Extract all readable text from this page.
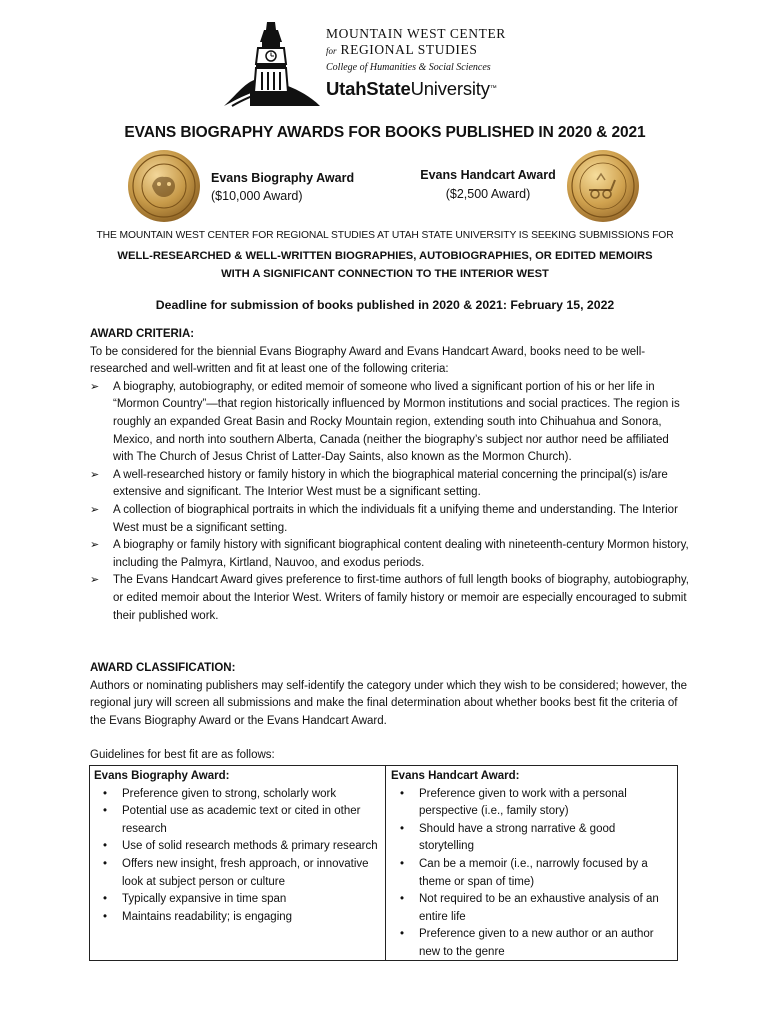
MOUNTAIN WEST CENTER
for REGIONAL STUDIES
College of Humanities & Social Sciences
UtahStateUniversity™
EVANS BIOGRAPHY AWARDS FOR BOOKS PUBLISHED IN 2020 & 2021
Evans Biography Award
($10,000 Award)
Evans Handcart Award
($2,500 Award)
THE MOUNTAIN WEST CENTER FOR REGIONAL STUDIES AT UTAH STATE UNIVERSITY IS SEEKING SUBMISSIONS FOR
WELL-RESEARCHED & WELL-WRITTEN BIOGRAPHIES, AUTOBIOGRAPHIES, OR EDITED MEMOIRS
WITH A SIGNIFICANT CONNECTION TO THE INTERIOR WEST
Deadline for submission of books published in 2020 & 2021: February 15, 2022
AWARD CRITERIA:
To be considered for the biennial Evans Biography Award and Evans Handcart Award, books need to be well-researched and well-written and fit at least one of the following criteria:
➢ A biography, autobiography, or edited memoir of someone who lived a significant portion of his or her life in “Mormon Country”—that region historically influenced by Mormon institutions and social practices. The region is roughly an expanded Great Basin and Rocky Mountain region, extending south into Chihuahua and Sonora, Mexico, and north into southern Alberta, Canada (neither the biography’s subject nor author need be affiliated with The Church of Jesus Christ of Latter-Day Saints, also known as the Mormon Church).
➢ A well-researched history or family history in which the biographical material concerning the principal(s) is/are extensive and significant. The Interior West must be a significant setting.
➢ A collection of biographical portraits in which the individuals fit a unifying theme and understanding. The Interior West must be a significant setting.
➢ A biography or family history with significant biographical content dealing with nineteenth-century Mormon history, including the Palmyra, Kirtland, Nauvoo, and exodus periods.
➢ The Evans Handcart Award gives preference to first-time authors of full length books of biography, autobiography, or edited memoir about the Interior West. Writers of family history or memoir are especially encouraged to submit their published work.
AWARD CLASSIFICATION:
Authors or nominating publishers may self-identify the category under which they wish to be considered; however, the regional jury will screen all submissions and make the final determination about whether books best fit the criteria of the Evans Biography Award or the Evans Handcart Award.
Guidelines for best fit are as follows:
Evans Biography Award:
• Preference given to strong, scholarly work
• Potential use as academic text or cited in other research
• Use of solid research methods & primary research
• Offers new insight, fresh approach, or innovative look at subject person or culture
• Typically expansive in time span
• Maintains readability; is engaging
Evans Handcart Award:
• Preference given to work with a personal perspective (i.e., family story)
• Should have a strong narrative & good storytelling
• Can be a memoir (i.e., narrowly focused by a theme or span of time)
• Not required to be an exhaustive analysis of an entire life
• Preference given to a new author or an author new to the genre
